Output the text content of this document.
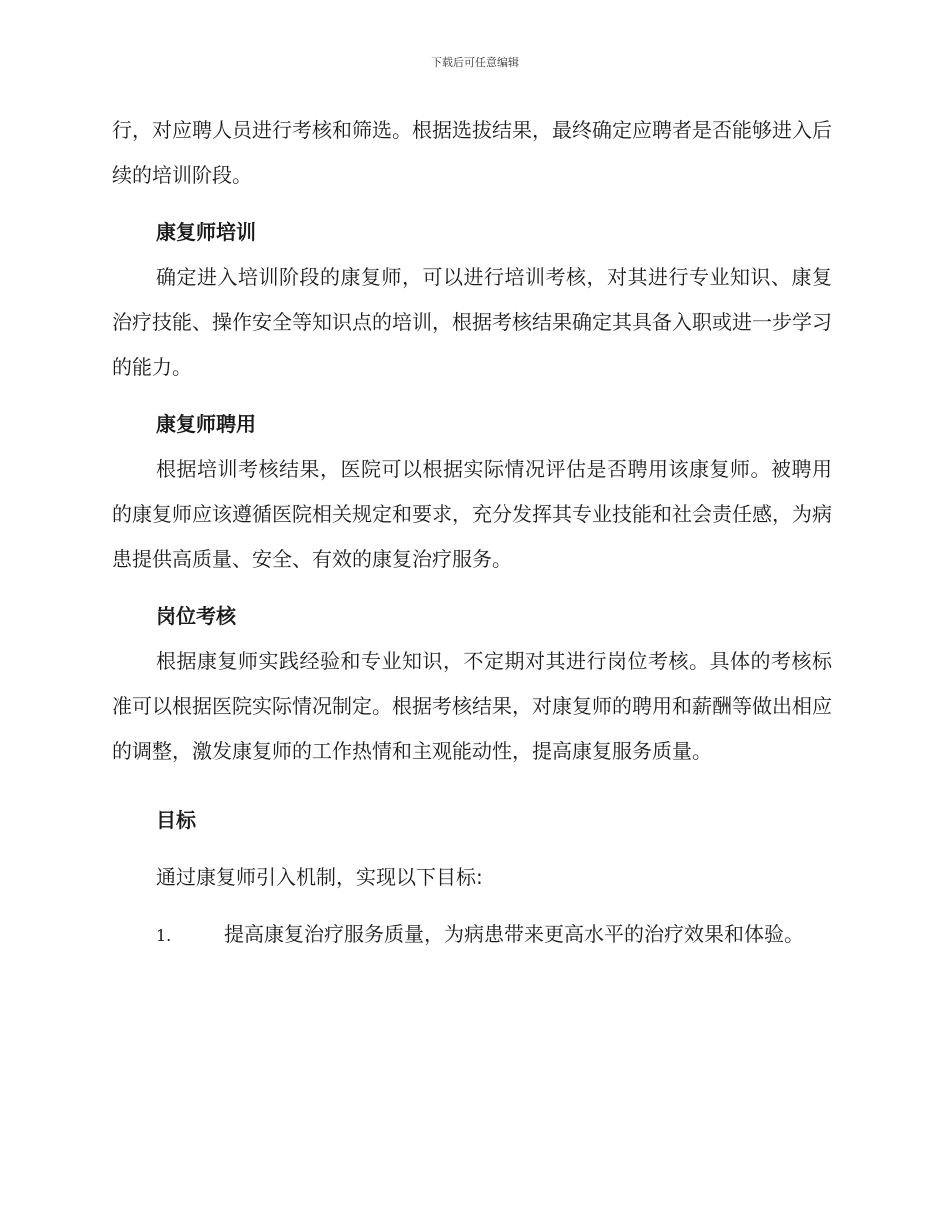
下载后可任意编辑

行，对应聘人员进行考核和筛选。根据选拔结果，最终确定应聘者是否能够进入后续的培训阶段。

康复师培训

确定进入培训阶段的康复师，可以进行培训考核，对其进行专业知识、康复治疗技能、操作安全等知识点的培训，根据考核结果确定其具备入职或进一步学习的能力。

康复师聘用

根据培训考核结果，医院可以根据实际情况评估是否聘用该康复师。被聘用的康复师应该遵循医院相关规定和要求，充分发挥其专业技能和社会责任感，为病患提供高质量、安全、有效的康复治疗服务。

岗位考核

根据康复师实践经验和专业知识，不定期对其进行岗位考核。具体的考核标准可以根据医院实际情况制定。根据考核结果，对康复师的聘用和薪酬等做出相应的调整，激发康复师的工作热情和主观能动性，提高康复服务质量。

目标

通过康复师引入机制，实现以下目标:

1.	提高康复治疗服务质量，为病患带来更高水平的治疗效果和体验。
